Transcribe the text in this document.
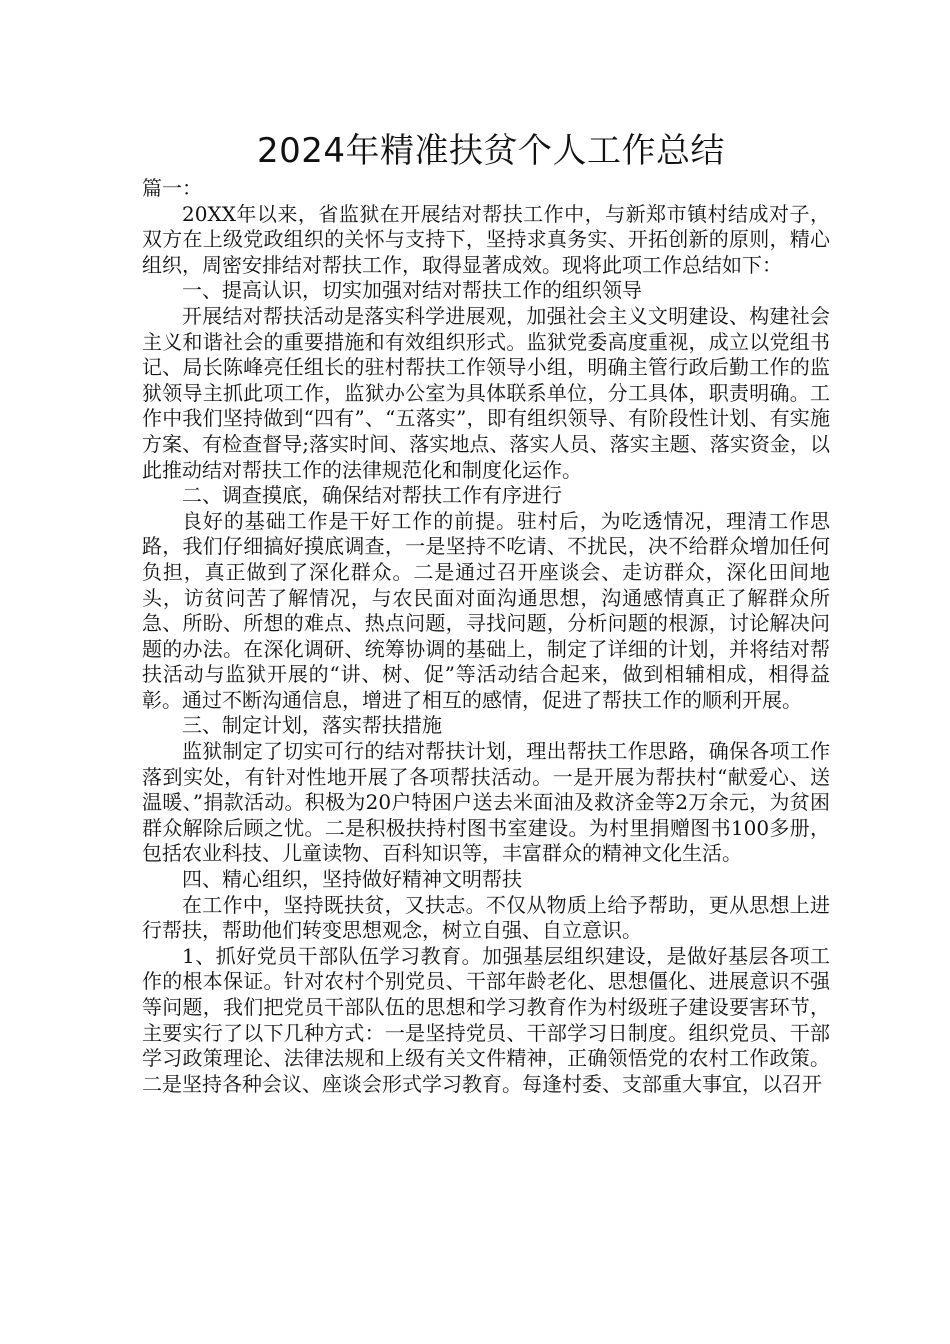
2024年精准扶贫个人工作总结

篇一：

20XX年以来，省监狱在开展结对帮扶工作中，与新郑市镇村结成对子，双方在上级党政组织的关怀与支持下，坚持求真务实、开拓创新的原则，精心组织，周密安排结对帮扶工作，取得显著成效。现将此项工作总结如下：

一、提高认识，切实加强对结对帮扶工作的组织领导

开展结对帮扶活动是落实科学进展观，加强社会主义文明建设、构建社会主义和谐社会的重要措施和有效组织形式。监狱党委高度重视，成立以党组书记、局长陈峰亮任组长的驻村帮扶工作领导小组，明确主管行政后勤工作的监狱领导主抓此项工作，监狱办公室为具体联系单位，分工具体，职责明确。工作中我们坚持做到“四有”、“五落实”，即有组织领导、有阶段性计划、有实施方案、有检查督导;落实时间、落实地点、落实人员、落实主题、落实资金，以此推动结对帮扶工作的法律规范化和制度化运作。

二、调查摸底，确保结对帮扶工作有序进行

良好的基础工作是干好工作的前提。驻村后，为吃透情况，理清工作思路，我们仔细搞好摸底调查，一是坚持不吃请、不扰民，决不给群众增加任何负担，真正做到了深化群众。二是通过召开座谈会、走访群众，深化田间地头，访贫问苦了解情况，与农民面对面沟通思想，沟通感情真正了解群众所急、所盼、所想的难点、热点问题，寻找问题，分析问题的根源，讨论解决问题的办法。在深化调研、统筹协调的基础上，制定了详细的计划，并将结对帮扶活动与监狱开展的“讲、树、促”等活动结合起来，做到相辅相成，相得益彰。通过不断沟通信息，增进了相互的感情，促进了帮扶工作的顺利开展。

三、制定计划，落实帮扶措施

监狱制定了切实可行的结对帮扶计划，理出帮扶工作思路，确保各项工作落到实处，有针对性地开展了各项帮扶活动。一是开展为帮扶村“献爱心、送温暖、”捐款活动。积极为20户特困户送去米面油及救济金等2万余元，为贫困群众解除后顾之忧。二是积极扶持村图书室建设。为村里捐赠图书100多册，包括农业科技、儿童读物、百科知识等，丰富群众的精神文化生活。

四、精心组织，坚持做好精神文明帮扶

在工作中，坚持既扶贫，又扶志。不仅从物质上给予帮助，更从思想上进行帮扶，帮助他们转变思想观念，树立自强、自立意识。

1、抓好党员干部队伍学习教育。加强基层组织建设，是做好基层各项工作的根本保证。针对农村个别党员、干部年龄老化、思想僵化、进展意识不强等问题，我们把党员干部队伍的思想和学习教育作为村级班子建设要害环节，主要实行了以下几种方式：一是坚持党员、干部学习日制度。组织党员、干部学习政策理论、法律法规和上级有关文件精神，正确领悟党的农村工作政策。二是坚持各种会议、座谈会形式学习教育。每逢村委、支部重大事宜，以召开
